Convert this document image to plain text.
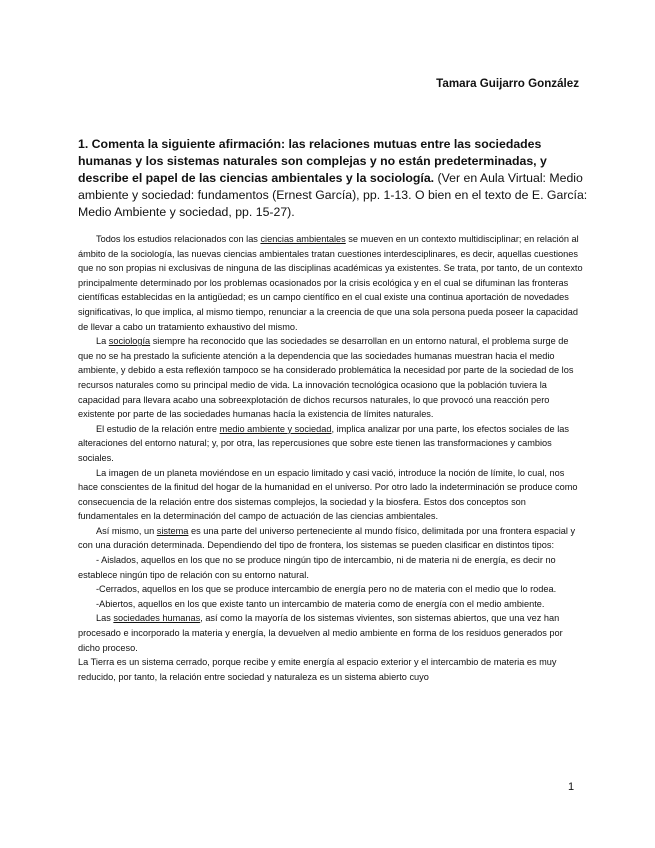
Tamara Guijarro González
1. Comenta la siguiente afirmación: las relaciones mutuas entre las sociedades humanas y los sistemas naturales son complejas y no están predeterminadas, y describe el papel de las ciencias ambientales y la sociología. (Ver en Aula Virtual: Medio ambiente y sociedad: fundamentos (Ernest García), pp. 1-13. O bien en el texto de E. García: Medio Ambiente y sociedad, pp. 15-27).

Todos los estudios relacionados con las ciencias ambientales se mueven en un contexto multidisciplinar; en relación al ámbito de la sociología, las nuevas ciencias ambientales tratan cuestiones interdesciplinares, es decir, aquellas cuestiones que no son propias ni exclusivas de ninguna de las disciplinas académicas ya existentes. Se trata, por tanto, de un contexto principalmente determinado por los problemas ocasionados por la crisis ecológica y en el cual se difuminan las fronteras científicas establecidas en la antigüedad; es un campo científico en el cual existe una continua aportación de novedades significativas, lo que implica, al mismo tiempo, renunciar a la creencia de que una sola persona pueda poseer la capacidad de llevar a cabo un tratamiento exhaustivo del mismo.

La sociología siempre ha reconocido que las sociedades se desarrollan en un entorno natural, el problema surge de que no se ha prestado la suficiente atención a la dependencia que las sociedades humanas muestran hacia el medio ambiente, y debido a esta reflexión tampoco se ha considerado problemática la necesidad por parte de la sociedad de los recursos naturales como su principal medio de vida. La innovación tecnológica ocasiono que la población tuviera la capacidad para llevara acabo una sobreexplotación de dichos recursos naturales, lo que provocó una reacción pero existente por parte de las sociedades humanas hacía la existencia de límites naturales.

El estudio de la relación entre medio ambiente y sociedad, implica analizar por una parte, los efectos sociales de las alteraciones del entorno natural; y, por otra, las repercusiones que sobre este tienen las transformaciones y cambios sociales.

La imagen de un planeta moviéndose en un espacio limitado y casi vació, introduce la noción de límite, lo cual, nos hace conscientes de la finitud del hogar de la humanidad en el universo. Por otro lado la indeterminación se produce como consecuencia de la relación entre dos sistemas complejos, la sociedad y la biosfera. Estos dos conceptos son fundamentales en la determinación del campo de actuación de las ciencias ambientales.

Así mismo, un sistema es una parte del universo perteneciente al mundo físico, delimitada por una frontera espacial y con una duración determinada. Dependiendo del tipo de frontera, los sistemas se pueden clasificar en distintos tipos:

- Aislados, aquellos en los que no se produce ningún tipo de intercambio, ni de materia ni de energía, es decir no establece ningún tipo de relación con su entorno natural.

-Cerrados, aquellos en los que se produce intercambio de energía pero no de materia con el medio que lo rodea.

-Abiertos, aquellos en los que existe tanto un intercambio de materia como de energía con el medio ambiente.

Las sociedades humanas, así como la mayoría de los sistemas vivientes, son sistemas abiertos, que una vez han procesado e incorporado la materia y energía, la devuelven al medio ambiente en forma de los residuos generados por dicho proceso.

La Tierra es un sistema cerrado, porque recibe y emite energía al espacio exterior y el intercambio de materia es muy reducido, por tanto, la relación entre sociedad y naturaleza es un sistema abierto cuyo

1
